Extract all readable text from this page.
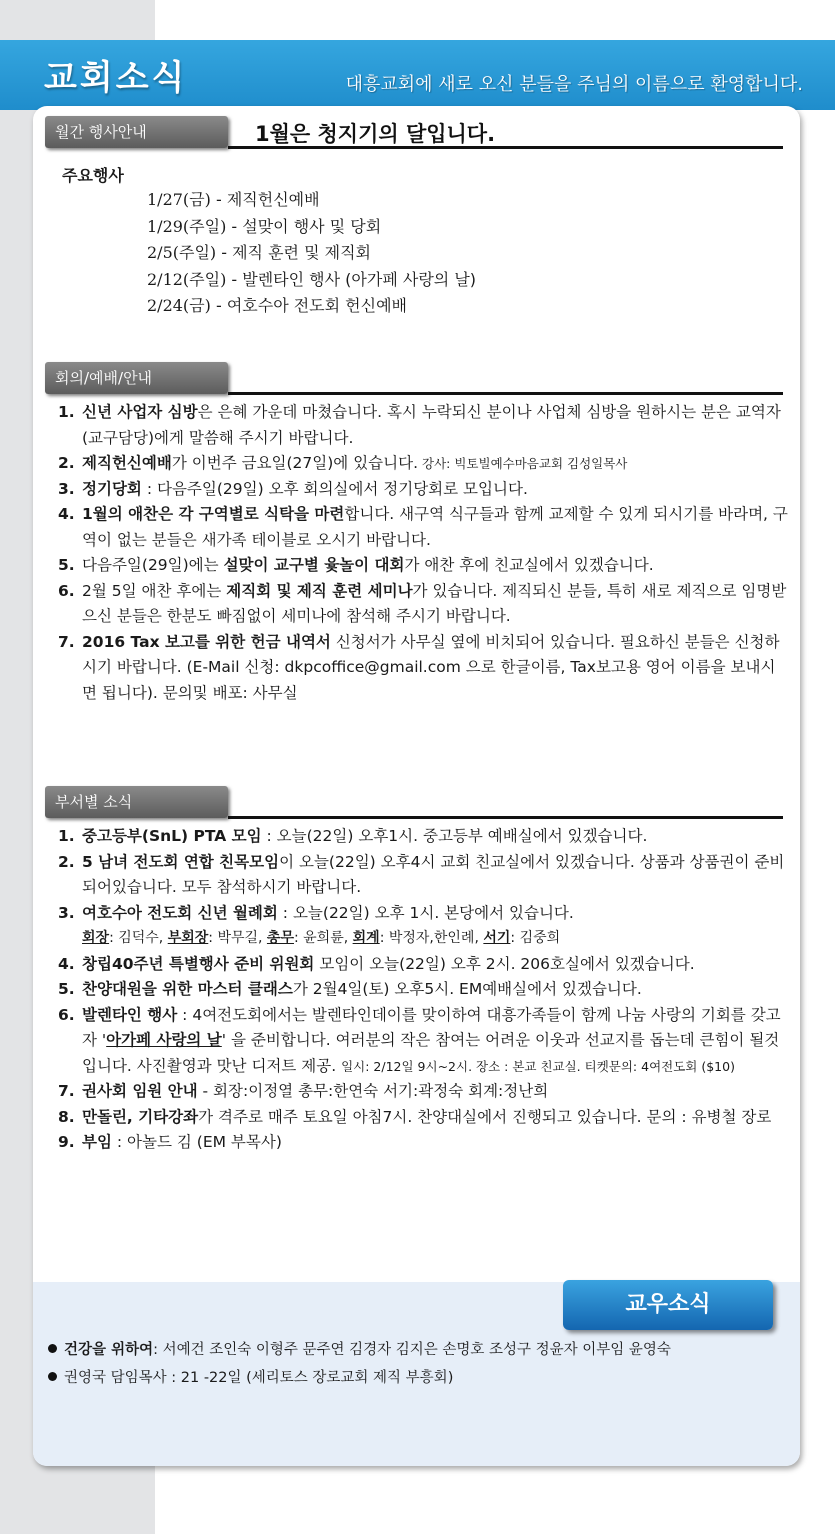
교회소식	대흥교회에 새로 오신 분들을 주님의 이름으로 환영합니다.
월간 행사안내	1월은 청지기의 달입니다.
주요행사
1/27(금) - 제직헌신예배
1/29(주일) - 설맞이 행사 및 당회
2/5(주일) - 제직 훈련 및 제직회
2/12(주일) - 발렌타인 행사 (아가페 사랑의 날)
2/24(금) - 여호수아 전도회 헌신예배
회의/예배/안내
1. 신년 사업자 심방은 은혜 가운데 마쳤습니다. 혹시 누락되신 분이나 사업체 심방을 원하시는 분은 교역자(교구담당)에게 말씀해 주시기 바랍니다.
2. 제직헌신예배가 이번주 금요일(27일)에 있습니다. 강사: 빅토빌예수마음교회 김성일목사
3. 정기당회 : 다음주일(29일) 오후 회의실에서 정기당회로 모입니다.
4. 1월의 애찬은 각 구역별로 식탁을 마련합니다. 새구역 식구들과 함께 교제할 수 있게 되시기를 바라며, 구역이 없는 분들은 새가족 테이블로 오시기 바랍니다.
5. 다음주일(29일)에는 설맞이 교구별 윷놀이 대회가 애찬 후에 친교실에서 있겠습니다.
6. 2월 5일 애찬 후에는 제직회 및 제직 훈련 세미나가 있습니다. 제직되신 분들, 특히 새로 제직으로 임명받으신 분들은 한분도 빠짐없이 세미나에 참석해 주시기 바랍니다.
7. 2016 Tax 보고를 위한 헌금 내역서 신청서가 사무실 옆에 비치되어 있습니다. 필요하신 분들은 신청하시기 바랍니다. (E-Mail 신청: dkpcoffice@gmail.com 으로 한글이름, Tax보고용 영어 이름을 보내시면 됩니다). 문의및 배포: 사무실
부서별 소식
1. 중고등부(SnL) PTA 모임 : 오늘(22일) 오후1시. 중고등부 예배실에서 있겠습니다.
2. 5 남녀 전도회 연합 친목모임이 오늘(22일) 오후4시 교회 친교실에서 있겠습니다. 상품과 상품권이 준비되어있습니다. 모두 참석하시기 바랍니다.
3. 여호수아 전도회 신년 월례회 : 오늘(22일) 오후 1시. 본당에서 있습니다.
회장: 김덕수, 부회장: 박무길, 총무: 윤희륜, 회계: 박정자,한인례, 서기: 김중희
4. 창립40주년 특별행사 준비 위원회 모임이 오늘(22일) 오후 2시. 206호실에서 있겠습니다.
5. 찬양대원을 위한 마스터 클래스가 2월4일(토) 오후5시. EM예배실에서 있겠습니다.
6. 발렌타인 행사 : 4여전도회에서는 발렌타인데이를 맞이하여 대흥가족들이 함께 나눔 사랑의 기회를 갖고자 '아가페 사랑의 날' 을 준비합니다. 여러분의 작은 참여는 어려운 이웃과 선교지를 돕는데 큰힘이 될것 입니다. 사진촬영과 맛난 디저트 제공. 일시: 2/12일 9시~2시. 장소 : 본교 친교실. 티켓문의: 4여전도회 ($10)
7. 권사회 임원 안내 - 회장:이정열 총무:한연숙 서기:곽정숙 회계:정난희
8. 만돌린, 기타강좌가 격주로 매주 토요일 아침7시. 찬양대실에서 진행되고 있습니다. 문의 : 유병철 장로
9. 부임 : 아놀드 김 (EM 부목사)
교우소식
건강을 위하여: 서예건 조인숙 이형주 문주연 김경자 김지은 손명호 조성구 정윤자 이부임 윤영숙
권영국 담임목사 : 21 -22일 (세리토스 장로교회 제직 부흥회)
